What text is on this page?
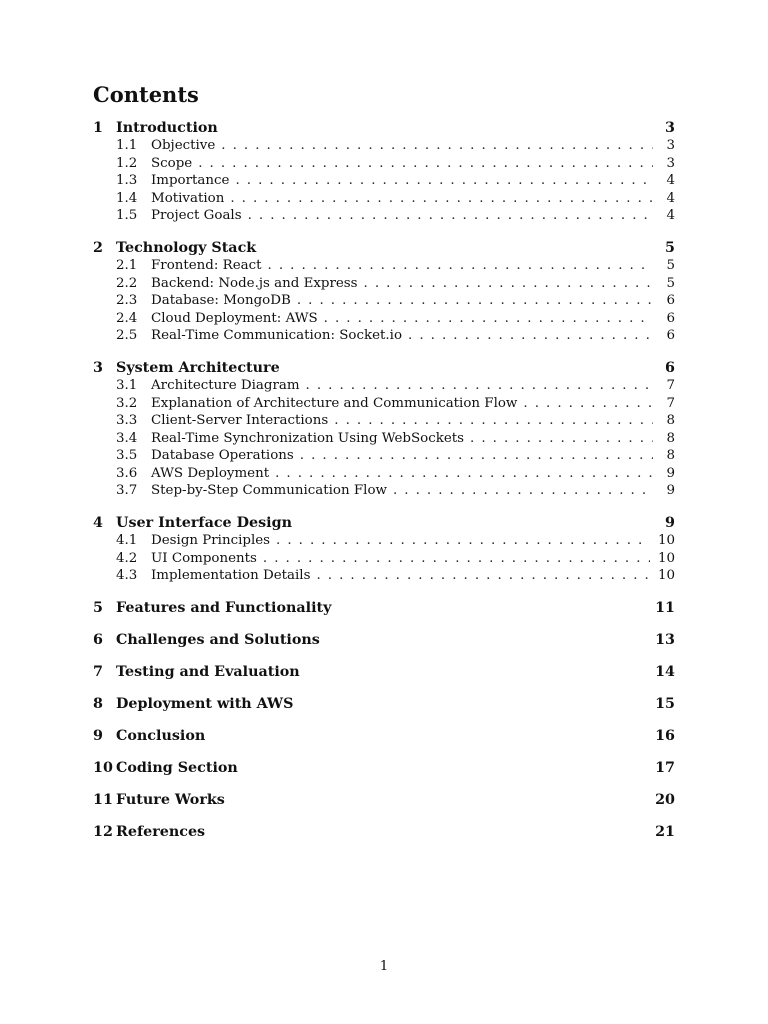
Contents
1 Introduction	3
1.1	Objective . . .	3
1.2	Scope . . .	3
1.3	Importance . . .	4
1.4	Motivation . . .	4
1.5	Project Goals . . .	4
2 Technology Stack	5
2.1	Frontend: React . . .	5
2.2	Backend: Node.js and Express . . .	5
2.3	Database: MongoDB . . .	6
2.4	Cloud Deployment: AWS . . .	6
2.5	Real-Time Communication: Socket.io . . .	6
3 System Architecture	6
3.1	Architecture Diagram . . .	7
3.2	Explanation of Architecture and Communication Flow . . .	7
3.3	Client-Server Interactions . . .	8
3.4	Real-Time Synchronization Using WebSockets . . .	8
3.5	Database Operations . . .	8
3.6	AWS Deployment . . .	9
3.7	Step-by-Step Communication Flow . . .	9
4 User Interface Design	9
4.1	Design Principles . . .	10
4.2	UI Components . . .	10
4.3	Implementation Details . . .	10
5 Features and Functionality	11
6 Challenges and Solutions	13
7 Testing and Evaluation	14
8 Deployment with AWS	15
9 Conclusion	16
10 Coding Section	17
11 Future Works	20
12 References	21
1
